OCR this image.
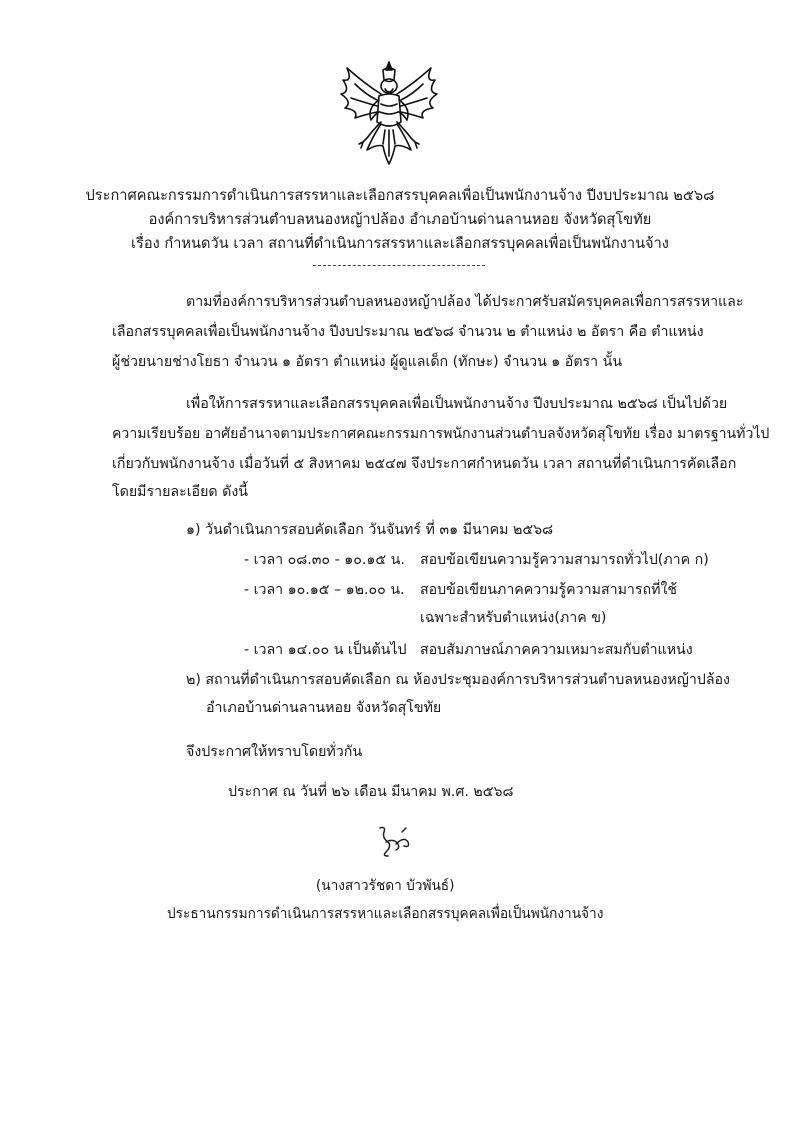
ประกาศคณะกรรมการดำเนินการสรรหาและเลือกสรรบุคคลเพื่อเป็นพนักงานจ้าง ปีงบประมาณ ๒๕๖๘
องค์การบริหารส่วนตำบลหนองหญ้าปล้อง อำเภอบ้านด่านลานหอย จังหวัดสุโขทัย
เรื่อง กำหนดวัน เวลา สถานที่ดำเนินการสรรหาและเลือกสรรบุคคลเพื่อเป็นพนักงานจ้าง
ตามที่องค์การบริหารส่วนตำบลหนองหญ้าปล้อง ได้ประกาศรับสมัครบุคคลเพื่อการสรรหาและ
เลือกสรรบุคคลเพื่อเป็นพนักงานจ้าง ปีงบประมาณ ๒๕๖๘ จำนวน ๒ ตำแหน่ง ๒ อัตรา คือ ตำแหน่ง
ผู้ช่วยนายช่างโยธา จำนวน ๑ อัตรา ตำแหน่ง ผู้ดูแลเด็ก (ทักษะ) จำนวน ๑ อัตรา นั้น
เพื่อให้การสรรหาและเลือกสรรบุคคลเพื่อเป็นพนักงานจ้าง ปีงบประมาณ ๒๕๖๘ เป็นไปด้วย
ความเรียบร้อย อาศัยอำนาจตามประกาศคณะกรรมการพนักงานส่วนตำบลจังหวัดสุโขทัย เรื่อง มาตรฐานทั่วไป
เกี่ยวกับพนักงานจ้าง เมื่อวันที่ ๕ สิงหาคม ๒๕๔๗ จึงประกาศกำหนดวัน เวลา สถานที่ดำเนินการคัดเลือก
โดยมีรายละเอียด ดังนี้
๑) วันดำเนินการสอบคัดเลือก วันจันทร์ ที่ ๓๑ มีนาคม ๒๕๖๘
- เวลา ๐๘.๓๐ - ๑๐.๑๕ น. สอบข้อเขียนความรู้ความสามารถทั่วไป(ภาค ก)
- เวลา ๑๐.๑๕ – ๑๒.๐๐ น. สอบข้อเขียนภาคความรู้ความสามารถที่ใช้
เฉพาะสำหรับตำแหน่ง(ภาค ข)
- เวลา ๑๔.๐๐ น เป็นต้นไป สอบสัมภาษณ์ภาคความเหมาะสมกับตำแหน่ง
๒) สถานที่ดำเนินการสอบคัดเลือก ณ ห้องประชุมองค์การบริหารส่วนตำบลหนองหญ้าปล้อง
อำเภอบ้านด่านลานหอย จังหวัดสุโขทัย
จึงประกาศให้ทราบโดยทั่วกัน
ประกาศ ณ วันที่ ๒๖ เดือน มีนาคม พ.ศ. ๒๕๖๘
(นางสาวรัชดา บัวพันธ์)
ประธานกรรมการดำเนินการสรรหาและเลือกสรรบุคคลเพื่อเป็นพนักงานจ้าง
